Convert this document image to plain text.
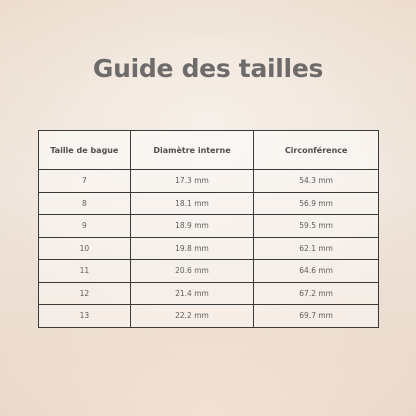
Guide des tailles
Taille de bague	Diamètre interne	Circonférence
7	17.3 mm	54.3 mm
8	18.1 mm	56.9 mm
9	18.9 mm	59.5 mm
10	19.8 mm	62.1 mm
11	20.6 mm	64.6 mm
12	21.4 mm	67.2 mm
13	22.2 mm	69.7 mm
